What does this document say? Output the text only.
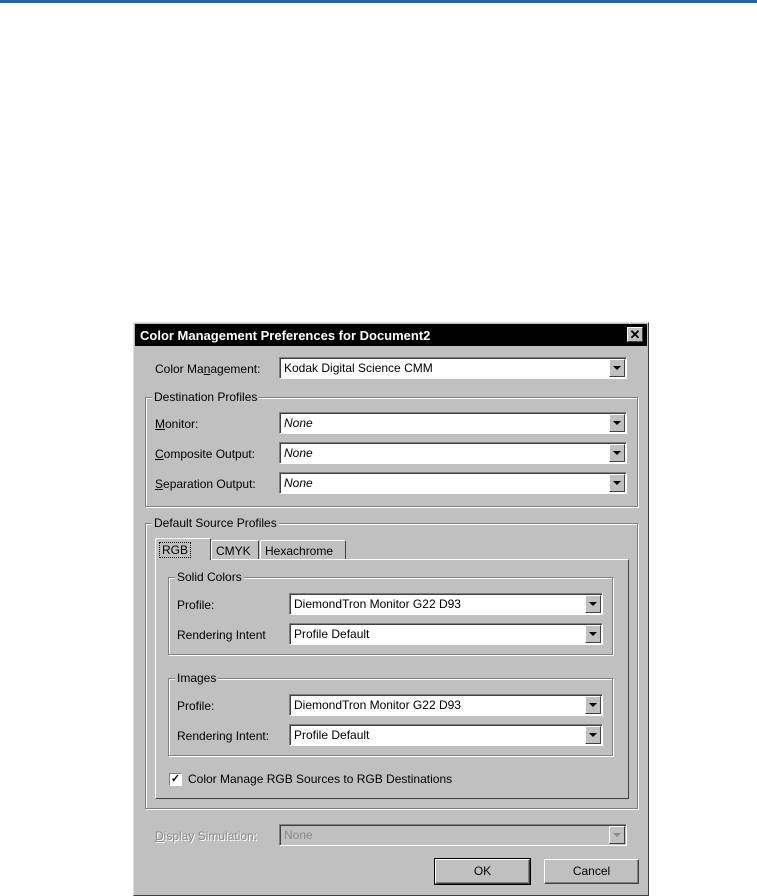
Color Management Preferences for Document2	✕
Color Management: Kodak Digital Science CMM
Destination Profiles
Monitor:	None
Composite Output: None
Separation Output: None
Default Source Profiles
RGB CMYK Hexachrome
Solid Colors
Profile:	DiemondTron Monitor G22 D93
Rendering Intent Profile Default
Images
Profile:	DiemondTron Monitor G22 D93
Rendering Intent: Profile Default
✓ Color Manage RGB Sources to RGB Destinations
Display Simulation: None
OK	Cancel
